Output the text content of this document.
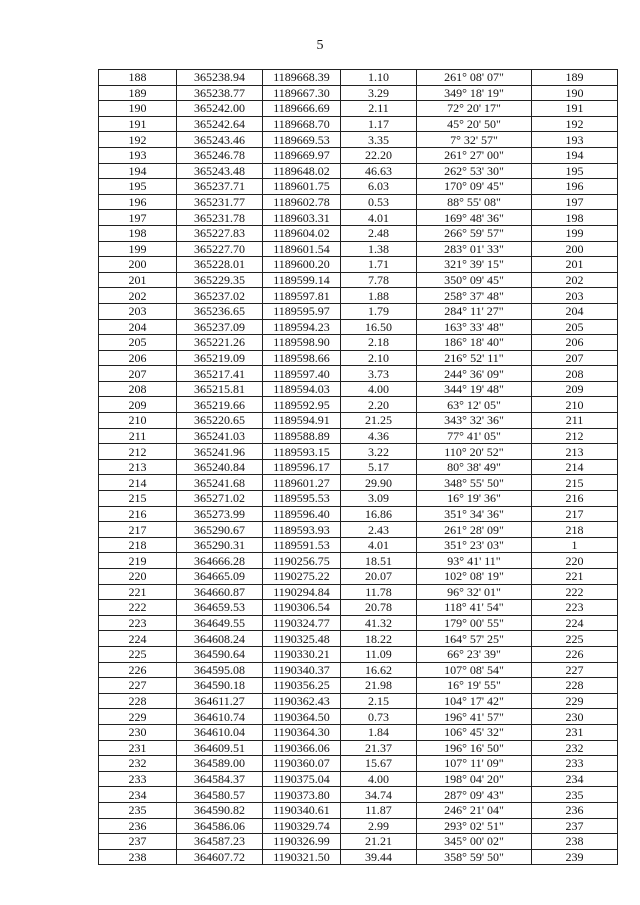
5
188	365238.94	1189668.39	1.10	261° 08' 07"	189
189	365238.77	1189667.30	3.29	349° 18' 19"	190
190	365242.00	1189666.69	2.11	72° 20' 17"	191
191	365242.64	1189668.70	1.17	45° 20' 50"	192
192	365243.46	1189669.53	3.35	7° 32' 57"	193
193	365246.78	1189669.97	22.20	261° 27' 00"	194
194	365243.48	1189648.02	46.63	262° 53' 30"	195
195	365237.71	1189601.75	6.03	170° 09' 45"	196
196	365231.77	1189602.78	0.53	88° 55' 08"	197
197	365231.78	1189603.31	4.01	169° 48' 36"	198
198	365227.83	1189604.02	2.48	266° 59' 57"	199
199	365227.70	1189601.54	1.38	283° 01' 33"	200
200	365228.01	1189600.20	1.71	321° 39' 15"	201
201	365229.35	1189599.14	7.78	350° 09' 45"	202
202	365237.02	1189597.81	1.88	258° 37' 48"	203
203	365236.65	1189595.97	1.79	284° 11' 27"	204
204	365237.09	1189594.23	16.50	163° 33' 48"	205
205	365221.26	1189598.90	2.18	186° 18' 40"	206
206	365219.09	1189598.66	2.10	216° 52' 11"	207
207	365217.41	1189597.40	3.73	244° 36' 09"	208
208	365215.81	1189594.03	4.00	344° 19' 48"	209
209	365219.66	1189592.95	2.20	63° 12' 05"	210
210	365220.65	1189594.91	21.25	343° 32' 36"	211
211	365241.03	1189588.89	4.36	77° 41' 05"	212
212	365241.96	1189593.15	3.22	110° 20' 52"	213
213	365240.84	1189596.17	5.17	80° 38' 49"	214
214	365241.68	1189601.27	29.90	348° 55' 50"	215
215	365271.02	1189595.53	3.09	16° 19' 36"	216
216	365273.99	1189596.40	16.86	351° 34' 36"	217
217	365290.67	1189593.93	2.43	261° 28' 09"	218
218	365290.31	1189591.53	4.01	351° 23' 03"	1
219	364666.28	1190256.75	18.51	93° 41' 11"	220
220	364665.09	1190275.22	20.07	102° 08' 19"	221
221	364660.87	1190294.84	11.78	96° 32' 01"	222
222	364659.53	1190306.54	20.78	118° 41' 54"	223
223	364649.55	1190324.77	41.32	179° 00' 55"	224
224	364608.24	1190325.48	18.22	164° 57' 25"	225
225	364590.64	1190330.21	11.09	66° 23' 39"	226
226	364595.08	1190340.37	16.62	107° 08' 54"	227
227	364590.18	1190356.25	21.98	16° 19' 55"	228
228	364611.27	1190362.43	2.15	104° 17' 42"	229
229	364610.74	1190364.50	0.73	196° 41' 57"	230
230	364610.04	1190364.30	1.84	106° 45' 32"	231
231	364609.51	1190366.06	21.37	196° 16' 50"	232
232	364589.00	1190360.07	15.67	107° 11' 09"	233
233	364584.37	1190375.04	4.00	198° 04' 20"	234
234	364580.57	1190373.80	34.74	287° 09' 43"	235
235	364590.82	1190340.61	11.87	246° 21' 04"	236
236	364586.06	1190329.74	2.99	293° 02' 51"	237
237	364587.23	1190326.99	21.21	345° 00' 02"	238
238	364607.72	1190321.50	39.44	358° 59' 50"	239
